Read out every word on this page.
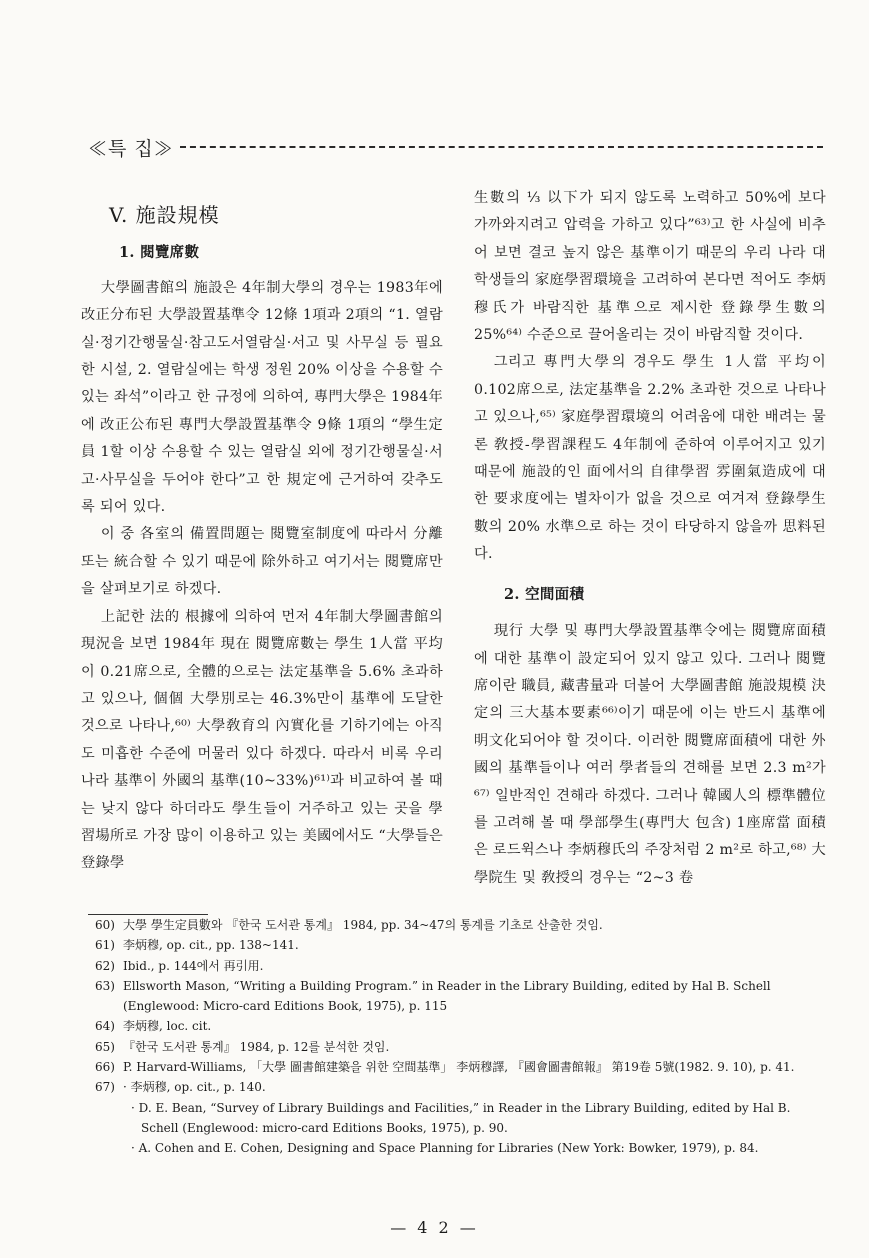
≪특 집≫
V. 施設規模
1. 閱覽席數

大學圖書館의 施設은 4年制大學의 경우는 1983年에 改正分布된 大學設置基準令 12條 1項과 2項의 “1. 열람실·정기간행물실·참고도서열람실·서고 및 사무실 등 필요한 시설, 2. 열람실에는 학생 정원 20% 이상을 수용할 수 있는 좌석”이라고 한 규정에 의하여, 專門大學은 1984年에 改正公布된 專門大學設置基準令 9條 1項의 “學生定員 1할 이상 수용할 수 있는 열람실 외에 정기간행물실·서고·사무실을 두어야 한다”고 한 規定에 근거하여 갖추도록 되어 있다.

이 중 各室의 備置問題는 閱覽室制度에 따라서 分離 또는 統合할 수 있기 때문에 除外하고 여기서는 閱覽席만을 살펴보기로 하겠다.

上記한 法的 根據에 의하여 먼저 4年制大學圖書館의 現況을 보면 1984年 現在 閱覽席數는 學生 1人當 平均이 0.21席으로, 全體的으로는 法定基準을 5.6% 초과하고 있으나, 個個 大學別로는 46.3%만이 基準에 도달한 것으로 나타나,⁶⁰⁾ 大學敎育의 內實化를 기하기에는 아직도 미흡한 수준에 머물러 있다 하겠다. 따라서 비록 우리 나라 基準이 外國의 基準(10~33%)⁶¹⁾과 비교하여 볼 때는 낮지 않다 하더라도 學生들이 거주하고 있는 곳을 學習場所로 가장 많이 이용하고 있는 美國에서도 “大學들은 登錄學

生數의 ⅓ 以下가 되지 않도록 노력하고 50%에 보다 가까와지려고 압력을 가하고 있다”⁶³⁾고 한 사실에 비추어 보면 결코 높지 않은 基準이기 때문의 우리 나라 대학생들의 家庭學習環境을 고려하여 본다면 적어도 李炳穆氏가 바람직한 基準으로 제시한 登錄學生數의 25%⁶⁴⁾ 수준으로 끌어올리는 것이 바람직할 것이다.

그리고 專門大學의 경우도 學生 1人當 平均이 0.102席으로, 法定基準을 2.2% 초과한 것으로 나타나고 있으나,⁶⁵⁾ 家庭學習環境의 어려움에 대한 배려는 물론 敎授-學習課程도 4年制에 준하여 이루어지고 있기 때문에 施設的인 面에서의 自律學習 雰圍氣造成에 대한 要求度에는 별차이가 없을 것으로 여겨져 登錄學生數의 20% 水準으로 하는 것이 타당하지 않을까 思料된다.

2. 空間面積

現行 大學 및 專門大學設置基準令에는 閱覽席面積에 대한 基準이 設定되어 있지 않고 있다. 그러나 閱覽席이란 職員, 藏書量과 더불어 大學圖書館 施設規模 決定의 三大基本要素⁶⁶⁾이기 때문에 이는 반드시 基準에 明文化되어야 할 것이다. 이러한 閱覽席面積에 대한 外國의 基準들이나 여러 學者들의 견해를 보면 2.3 m²가⁶⁷⁾ 일반적인 견해라 하겠다. 그러나 韓國人의 標準體位를 고려해 볼 때 學部學生(專門大 包含) 1座席當 面積은 로드윅스나 李炳穆氏의 주장처럼 2 m²로 하고,⁶⁸⁾ 大學院生 및 敎授의 경우는 “2~3 卷

60) 大學 學生定員數와 『한국 도서관 통계』 1984, pp. 34~47의 통계를 기초로 산출한 것임.
61) 李炳穆, op. cit., pp. 138~141.
62) Ibid., p. 144에서 再引用.
63) Ellsworth Mason, “Writing a Building Program.” in Reader in the Library Building, edited by Hal B. Schell (Englewood: Micro-card Editions Book, 1975), p. 115
64) 李炳穆, loc. cit.
65) 『한국 도서관 통계』 1984, p. 12를 분석한 것임.
66) P. Harvard-Williams, 「大學 圖書館建築을 위한 空間基準」 李炳穆譯, 『國會圖書館報』 第19卷 5號(1982. 9. 10), p. 41.
67) · 李炳穆, op. cit., p. 140.
· D. E. Bean, “Survey of Library Buildings and Facilities,” in Reader in the Library Building, edited by Hal B. Schell (Englewood: micro-card Editions Books, 1975), p. 90.
· A. Cohen and E. Cohen, Designing and Space Planning for Libraries (New York: Bowker, 1979), p. 84.
— 4 2 —
